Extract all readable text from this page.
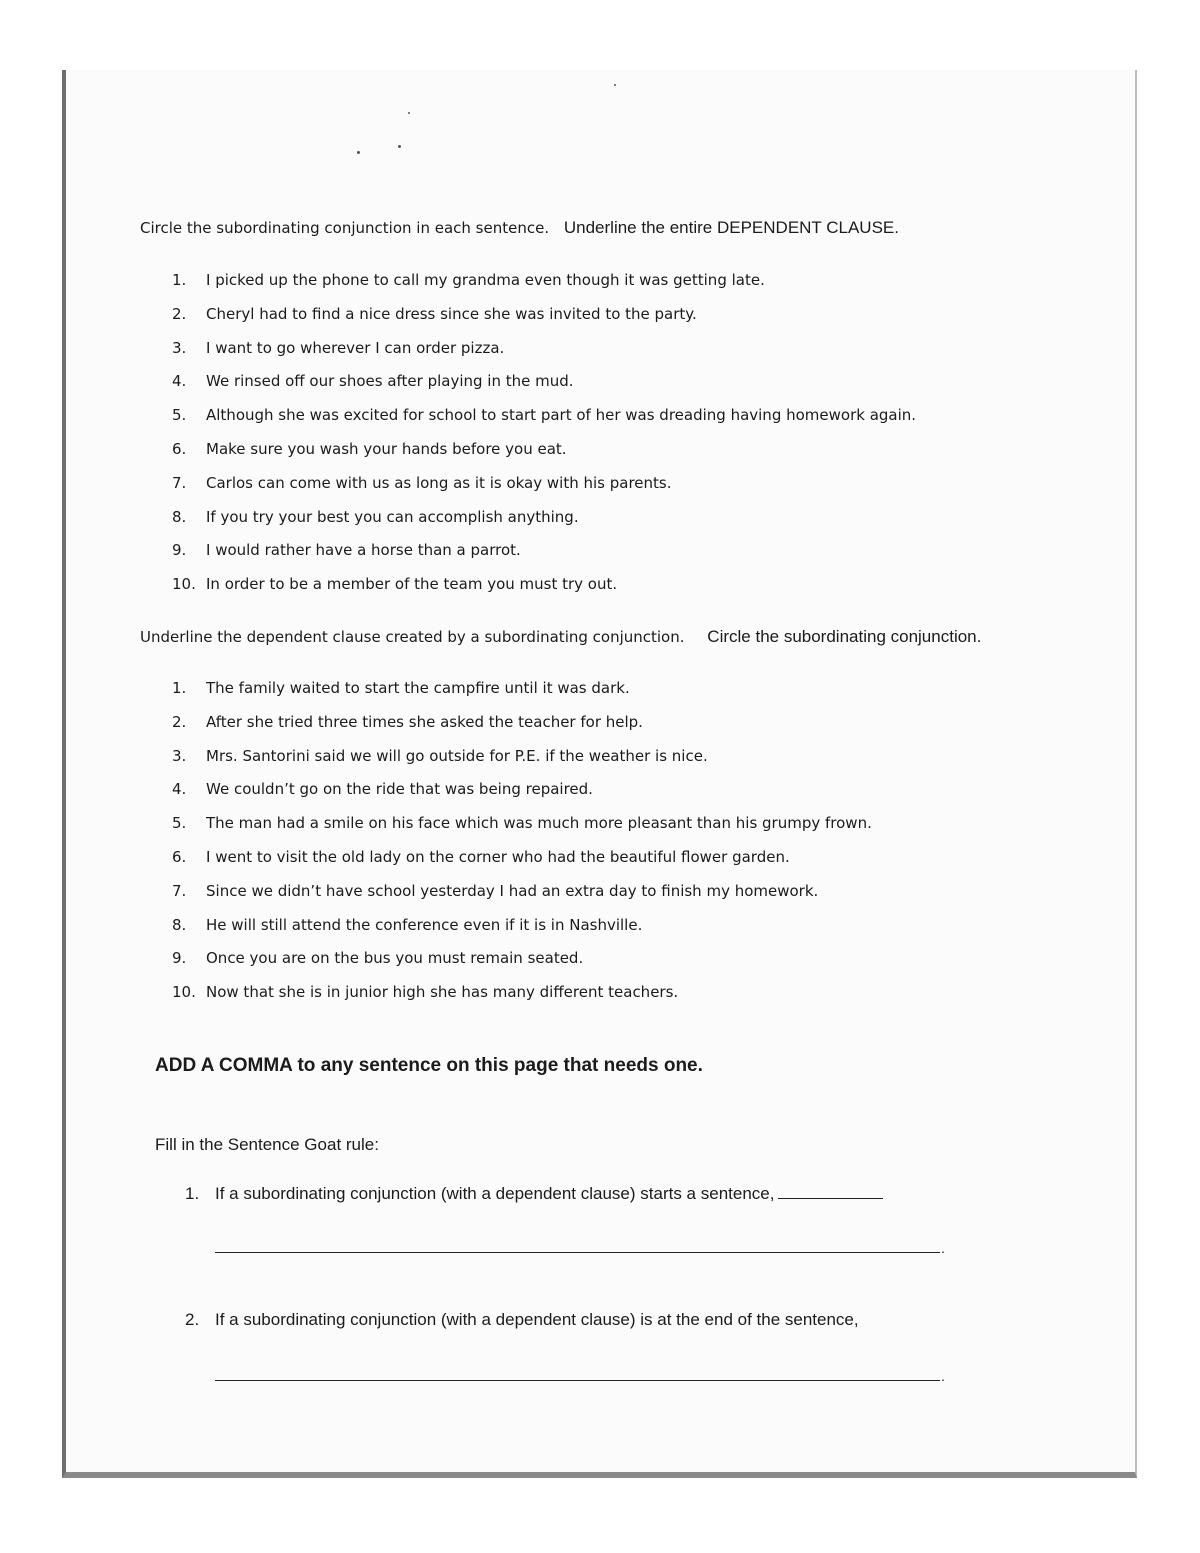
Circle the subordinating conjunction in each sentence. Underline the entire DEPENDENT CLAUSE.
1.	I picked up the phone to call my grandma even though it was getting late.
2.	Cheryl had to find a nice dress since she was invited to the party.
3.	I want to go wherever I can order pizza.
4.	We rinsed off our shoes after playing in the mud.
5.	Although she was excited for school to start part of her was dreading having homework again.
6.	Make sure you wash your hands before you eat.
7.	Carlos can come with us as long as it is okay with his parents.
8.	If you try your best you can accomplish anything.
9.	I would rather have a horse than a parrot.
10. In order to be a member of the team you must try out.
Underline the dependent clause created by a subordinating conjunction. Circle the subordinating conjunction.
1.	The family waited to start the campfire until it was dark.
2.	After she tried three times she asked the teacher for help.
3.	Mrs. Santorini said we will go outside for P.E. if the weather is nice.
4.	We couldn’t go on the ride that was being repaired.
5.	The man had a smile on his face which was much more pleasant than his grumpy frown.
6.	I went to visit the old lady on the corner who had the beautiful flower garden.
7.	Since we didn’t have school yesterday I had an extra day to finish my homework.
8.	He will still attend the conference even if it is in Nashville.
9.	Once you are on the bus you must remain seated.
10. Now that she is in junior high she has many different teachers.
ADD A COMMA to any sentence on this page that needs one.
Fill in the Sentence Goat rule:
1. If a subordinating conjunction (with a dependent clause) starts a sentence,
.
2. If a subordinating conjunction (with a dependent clause) is at the end of the sentence,
.
